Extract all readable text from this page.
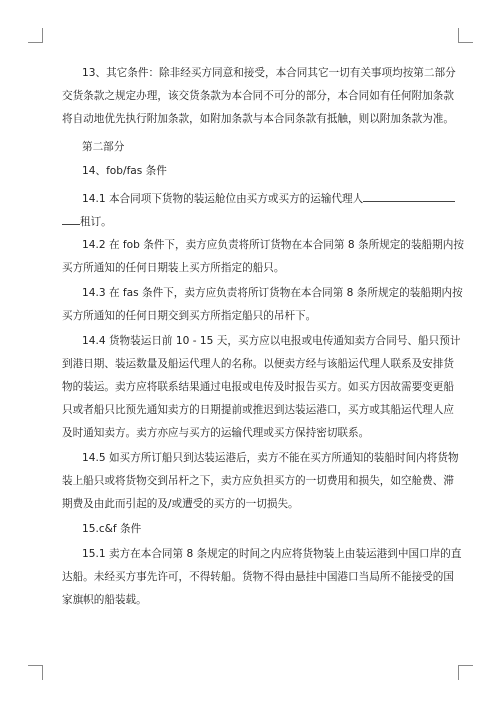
13、其它条件：除非经买方同意和接受，本合同其它一切有关事项均按第二部分
交货条款之规定办理，该交货条款为本合同不可分的部分，本合同如有任何附加条款
将自动地优先执行附加条款，如附加条款与本合同条款有抵触，则以附加条款为准。
第二部分
14、fob/fas 条件
14.1 本合同项下货物的装运舱位由买方或买方的运输代理人
租订。
14.2 在 fob 条件下，卖方应负责将所订货物在本合同第 8 条所规定的装船期内按
买方所通知的任何日期装上买方所指定的船只。
14.3 在 fas 条件下，卖方应负责将所订货物在本合同第 8 条所规定的装船期内按
买方所通知的任何日期交到买方所指定船只的吊杆下。
14.4 货物装运日前 10 - 15 天，买方应以电报或电传通知卖方合同号、船只预计
到港日期、装运数量及船运代理人的名称。以便卖方经与该船运代理人联系及安排货
物的装运。卖方应将联系结果通过电报或电传及时报告买方。如买方因故需要变更船
只或者船只比预先通知卖方的日期提前或推迟到达装运港口，买方或其船运代理人应
及时通知卖方。卖方亦应与买方的运输代理或买方保持密切联系。
14.5 如买方所订船只到达装运港后，卖方不能在买方所通知的装船时间内将货物
装上船只或将货物交到吊杆之下，卖方应负担买方的一切费用和损失，如空舱费、滞
期费及由此而引起的及/或遭受的买方的一切损失。
15.c&f 条件
15.1 卖方在本合同第 8 条规定的时间之内应将货物装上由装运港到中国口岸的直
达船。未经买方事先许可，不得转船。货物不得由悬挂中国港口当局所不能接受的国
家旗帜的船装载。
